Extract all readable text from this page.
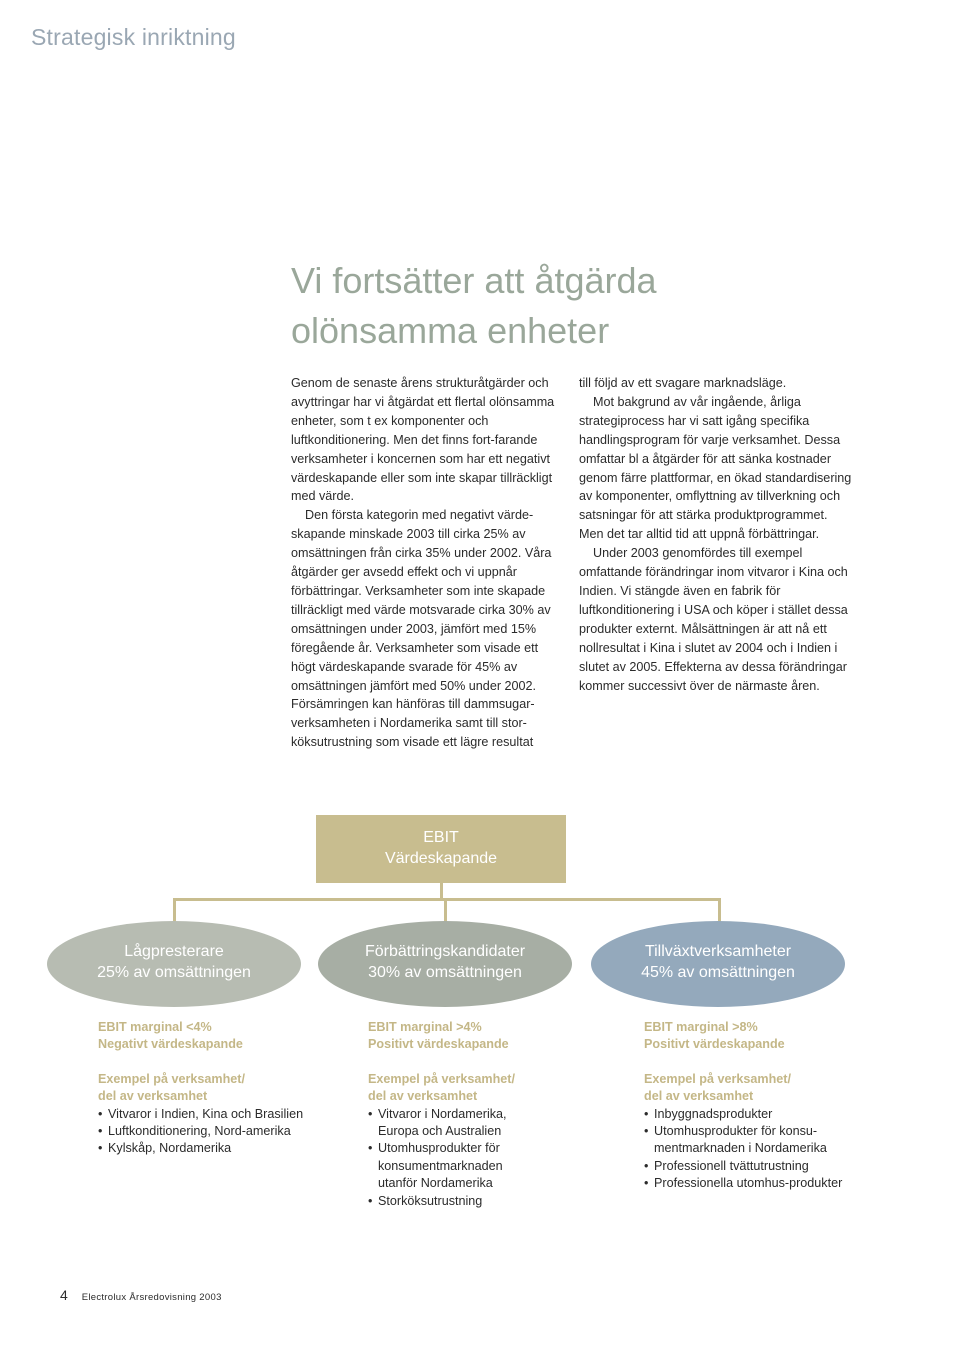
Strategisk inriktning
Vi fortsätter att åtgärda
olönsamma enheter

Genom de senaste årens strukturåtgärder och avyttringar har vi åtgärdat ett flertal olönsamma enheter, som t ex komponenter och luftkonditionering. Men det finns fort-farande verksamheter i koncernen som har ett negativt värdeskapande eller som inte skapar tillräckligt med värde.

Den första kategorin med negativt värde-skapande minskade 2003 till cirka 25% av omsättningen från cirka 35% under 2002. Våra åtgärder ger avsedd effekt och vi uppnår förbättringar. Verksamheter som inte skapade tillräckligt med värde motsvarade cirka 30% av omsättningen under 2003, jämfört med 15% föregående år. Verksamheter som visade ett högt värdeskapande svarade för 45% av omsättningen jämfört med 50% under 2002. Försämringen kan hänföras till dammsugar-verksamheten i Nordamerika samt till stor-köksutrustning som visade ett lägre resultat

till följd av ett svagare marknadsläge.

Mot bakgrund av vår ingående, årliga strategiprocess har vi satt igång specifika handlingsprogram för varje verksamhet. Dessa omfattar bl a åtgärder för att sänka kostnader genom färre plattformar, en ökad standardisering av komponenter, omflyttning av tillverkning och satsningar för att stärka produktprogrammet. Men det tar alltid tid att uppnå förbättringar.

Under 2003 genomfördes till exempel omfattande förändringar inom vitvaror i Kina och Indien. Vi stängde även en fabrik för luftkonditionering i USA och köper i stället dessa produkter externt. Målsättningen är att nå ett nollresultat i Kina i slutet av 2004 och i Indien i slutet av 2005. Effekterna av dessa förändringar kommer successivt över de närmaste åren.

EBIT
Värdeskapande
Lågpresterare
25% av omsättningen
Förbättringskandidater
30% av omsättningen
Tillväxtverksamheter
45% av omsättningen
EBIT marginal <4%
Negativt värdeskapande
Exempel på verksamhet/
del av verksamhet
• Vitvaror i Indien, Kina och Brasilien
• Luftkonditionering, Nord-amerika
• Kylskåp, Nordamerika
EBIT marginal >4%
Positivt värdeskapande
Exempel på verksamhet/
del av verksamhet
• Vitvaror i Nordamerika, Europa och Australien
• Utomhusprodukter för konsumentmarknaden utanför Nordamerika
• Storköksutrustning
EBIT marginal >8%
Positivt värdeskapande
Exempel på verksamhet/
del av verksamhet
• Inbyggnadsprodukter
• Utomhusprodukter för konsu-mentmarknaden i Nordamerika
• Professionell tvättutrustning
• Professionella utomhus-produkter
4 Electrolux Årsredovisning 2003
